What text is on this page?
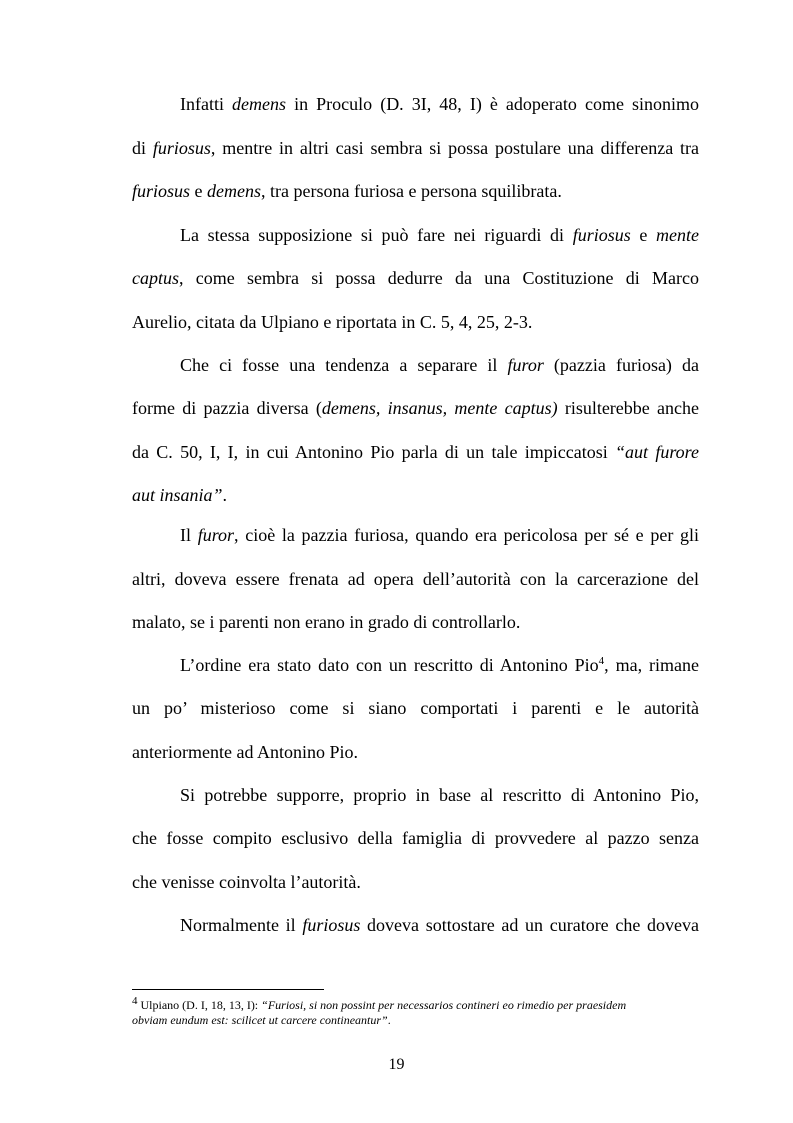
Infatti demens in Proculo (D. 3I, 48, I) è adoperato come sinonimo
di furiosus, mentre in altri casi sembra si possa postulare una differenza tra
furiosus e demens, tra persona furiosa e persona squilibrata.
La stessa supposizione si può fare nei riguardi di furiosus e mente
captus, come sembra si possa dedurre da una Costituzione di Marco
Aurelio, citata da Ulpiano e riportata in C. 5, 4, 25, 2-3.
Che ci fosse una tendenza a separare il furor (pazzia furiosa) da
forme di pazzia diversa (demens, insanus, mente captus) risulterebbe anche
da C. 50, I, I, in cui Antonino Pio parla di un tale impiccatosi “aut furore
aut insania”.
Il furor, cioè la pazzia furiosa, quando era pericolosa per sé e per gli
altri, doveva essere frenata ad opera dell’autorità con la carcerazione del
malato, se i parenti non erano in grado di controllarlo.
L’ordine era stato dato con un rescritto di Antonino Pio$^4$, ma, rimane
un po’ misterioso come si siano comportati i parenti e le autorità
anteriormente ad Antonino Pio.
Si potrebbe supporre, proprio in base al rescritto di Antonino Pio,
che fosse compito esclusivo della famiglia di provvedere al pazzo senza
che venisse coinvolta l’autorità.
Normalmente il furiosus doveva sottostare ad un curatore che doveva
$^4$ Ulpiano (D. I, 18, 13, I): “Furiosi, si non possint per necessarios contineri eo rimedio per praesidem
obviam eundum est: scilicet ut carcere contineantur”.
19
